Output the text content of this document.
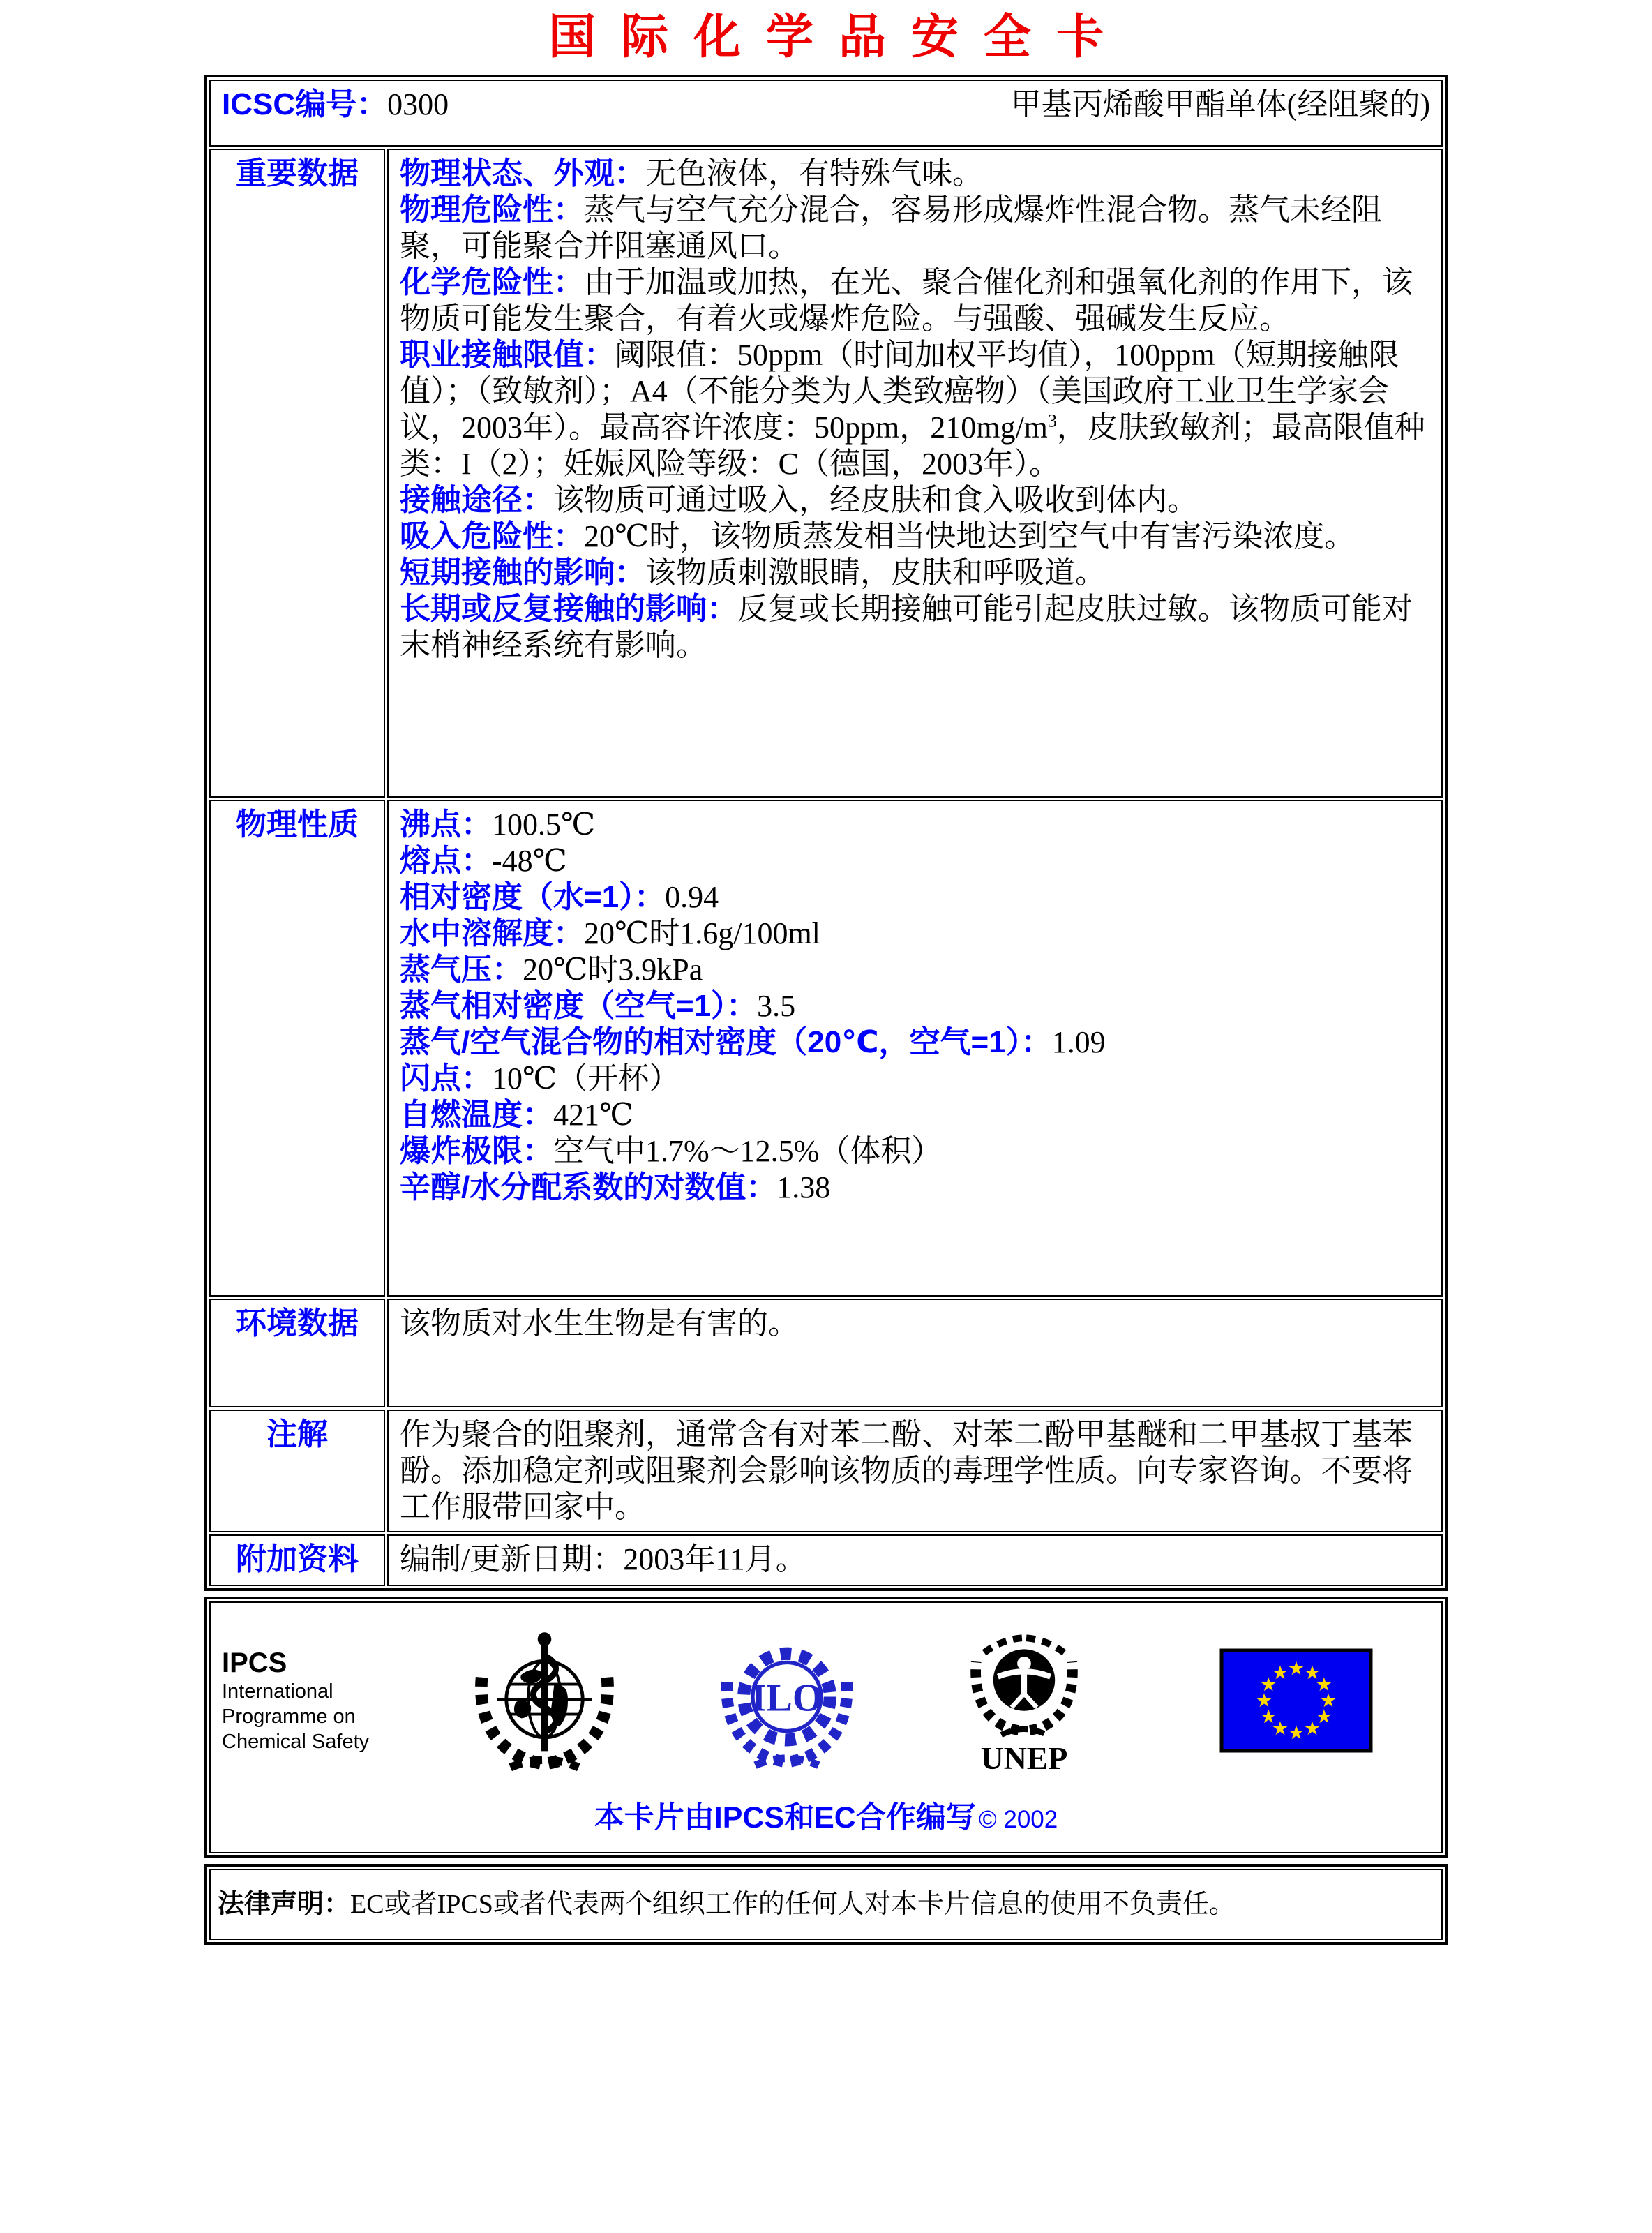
国际化学品安全卡
ICSC编号：0300 甲基丙烯酸甲酯单体(经阻聚的)	

重要数据	物理状态、外观：无色液体，有特殊气味。
物理危险性：蒸气与空气充分混合，容易形成爆炸性混合物。蒸气未经阻聚，可能聚合并阻塞通风口。
化学危险性：由于加温或加热，在光、聚合催化剂和强氧化剂的作用下，该物质可能发生聚合，有着火或爆炸危险。与强酸、强碱发生反应。
职业接触限值：阈限值：50ppm（时间加权平均值），100ppm（短期接触限值）；（致敏剂）；A4（不能分类为人类致癌物）（美国政府工业卫生学家会议，2003年）。最高容许浓度：50ppm，$210mg/m^3$，皮肤致敏剂；最高限值种类：I（2）；妊娠风险等级：C（德国，2003年）。
接触途径：该物质可通过吸入，经皮肤和食入吸收到体内。
吸入危险性：20℃时，该物质蒸发相当快地达到空气中有害污染浓度。
短期接触的影响：该物质刺激眼睛，皮肤和呼吸道。
长期或反复接触的影响：反复或长期接触可能引起皮肤过敏。该物质可能对末梢神经系统有影响。

物理性质	沸点：100.5℃
熔点：-48℃
相对密度（水=1）：0.94
水中溶解度：20℃时1.6g/100ml
蒸气压：20℃时3.9kPa
蒸气相对密度（空气=1）：3.5
蒸气/空气混合物的相对密度（20℃，空气=1）：1.09
闪点：10℃（开杯）
自燃温度：421℃
爆炸极限：空气中1.7%～12.5%（体积）
辛醇/水分配系数的对数值：1.38

环境数据	该物质对水生生物是有害的。

注解	作为聚合的阻聚剂，通常含有对苯二酚、对苯二酚甲基醚和二甲基叔丁基苯酚。添加稳定剂或阻聚剂会影响该物质的毒理学性质。向专家咨询。不要将工作服带回家中。

附加资料	编制/更新日期：2003年11月。
IPCS
International
Programme on
Chemical Safety
ILO
UNEP
★
★
★
★
★
★
★
★
★
★
★
★
本卡片由IPCS和EC合作编写 © 2002
法律声明：EC或者IPCS或者代表两个组织工作的任何人对本卡片信息的使用不负责任。
